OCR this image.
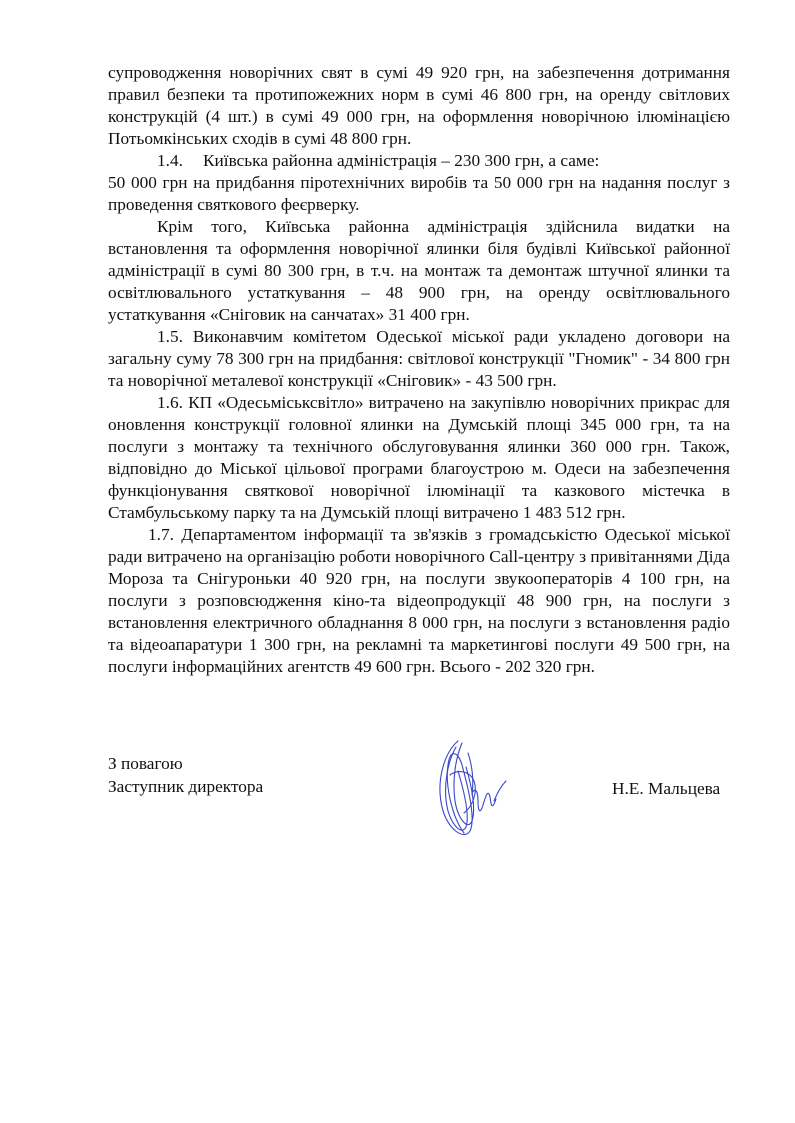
супроводження новорічних свят в сумі 49 920 грн, на забезпечення дотримання правил безпеки та протипожежних норм в сумі 46 800 грн, на оренду світлових конструкцій (4 шт.) в сумі 49 000 грн, на оформлення новорічною ілюмінацією Потьомкінських сходів в сумі 48 800 грн.

1.4. Київська районна адміністрація – 230 300 грн, а саме:

50 000 грн на придбання піротехнічних виробів та 50 000 грн на надання послуг з проведення святкового феєрверку.

Крім того, Київська районна адміністрація здійснила видатки на встановлення та оформлення новорічної ялинки біля будівлі Київської районної адміністрації в сумі 80 300 грн, в т.ч. на монтаж та демонтаж штучної ялинки та освітлювального устаткування – 48 900 грн, на оренду освітлювального устаткування «Сніговик на санчатах» 31 400 грн.

1.5. Виконавчим комітетом Одеської міської ради укладено договори на загальну суму 78 300 грн на придбання: світлової конструкції "Гномик" - 34 800 грн та новорічної металевої конструкції «Сніговик» - 43 500 грн.

1.6. КП «Одесьміськсвітло» витрачено на закупівлю новорічних прикрас для оновлення конструкції головної ялинки на Думській площі 345 000 грн, та на послуги з монтажу та технічного обслуговування ялинки 360 000 грн. Також, відповідно до Міської цільової програми благоустрою м. Одеси на забезпечення функціонування святкової новорічної ілюмінації та казкового містечка в Стамбульському парку та на Думській площі витрачено 1 483 512 грн.

1.7. Департаментом інформації та зв'язків з громадськістю Одеської міської ради витрачено на організацію роботи новорічного Call-центру з привітаннями Діда Мороза та Снігуроньки 40 920 грн, на послуги звукооператорів 4 100 грн, на послуги з розповсюдження кіно-та відеопродукції 48 900 грн, на послуги з встановлення електричного обладнання 8 000 грн, на послуги з встановлення радіо та відеоапаратури 1 300 грн, на рекламні та маркетингові послуги 49 500 грн, на послуги інформаційних агентств 49 600 грн. Всього - 202 320 грн.

З повагою
Заступник директора	Н.Е. Мальцева
